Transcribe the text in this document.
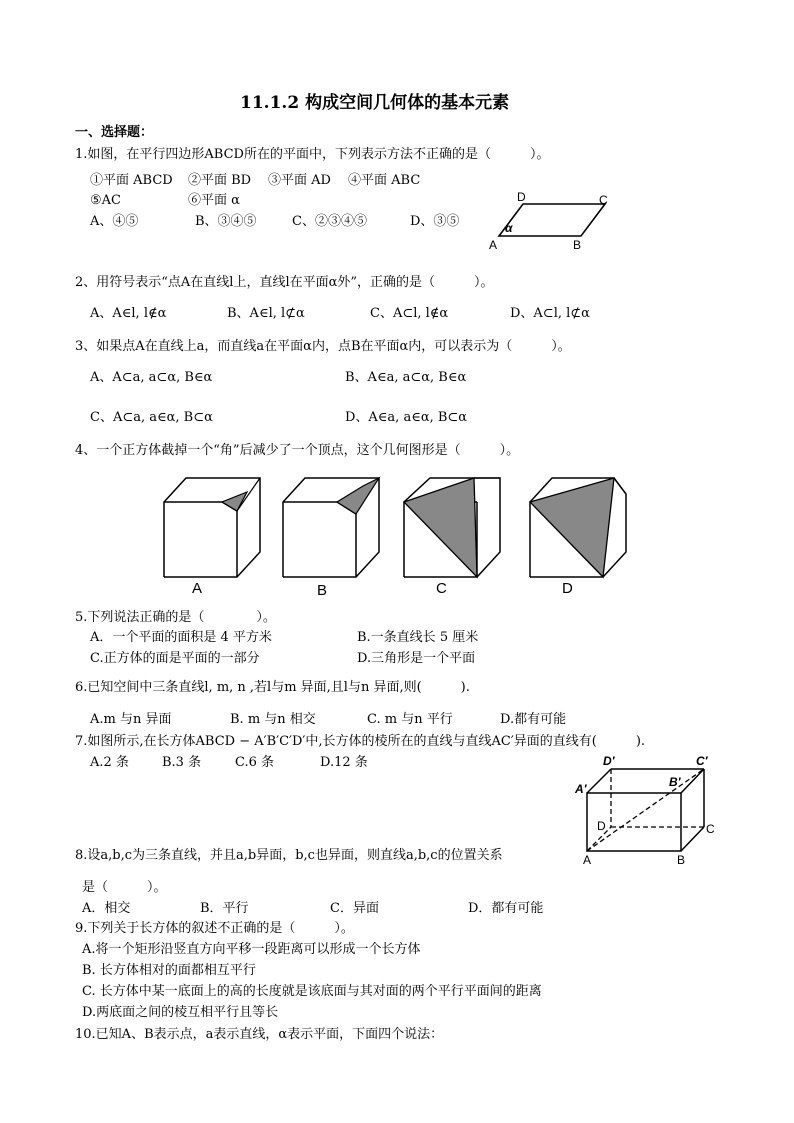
11.1.2 构成空间几何体的基本元素
一、选择题：
1.如图，在平行四边形ABCD所在的平面中，下列表示方法不正确的是（　　　）。
①平面 ABCD ②平面 BD ③平面 AD ④平面 ABC
⑤AC	⑥平面 α
A、④⑤	B、③④⑤	C、②③④⑤	D、③⑤
D	C
A	B
α
2、用符号表示“点A在直线l上，直线l在平面α外”，正确的是（　　　）。
A、A∈l, l∉α	B、A∈l, l⊄α	C、A⊂l, l∉α	D、A⊂l, l⊄α
3、如果点A在直线上a，而直线a在平面α内，点B在平面α内，可以表示为（　　　）。
A、A⊂a, a⊂α, B∈α	B、A∈a, a⊂α, B∈α
C、A⊂a, a∈α, B⊂α	D、A∈a, a∈α, B⊂α
4、一个正方体截掉一个“角”后减少了一个顶点，这个几何图形是（　　　）。
A	B	C	D
5.下列说法正确的是（　　　　）。
A．一个平面的面积是 4 平方米	B.一条直线长 5 厘米
C.正方体的面是平面的一部分	D.三角形是一个平面
6.已知空间中三条直线l, m, n ,若l与m 异面,且l与n 异面,则(　　　).
A.m 与n 异面	B. m 与n 相交	C. m 与n 平行	D.都有可能
7.如图所示,在长方体ABCD − A′B′C′D′中,长方体的棱所在的直线与直线AC′异面的直线有(　　　).
A.2 条	B.3 条	C.6 条	D.12 条	D′	C′
A′	B′
D	C
A	B
8.设a,b,c为三条直线，并且a,b异面，b,c也异面，则直线a,b,c的位置关系
是（　　　）。
A．相交	B．平行	C．异面	D．都有可能
9.下列关于长方体的叙述不正确的是（　　　）。
A.将一个矩形沿竖直方向平移一段距离可以形成一个长方体
B. 长方体相对的面都相互平行
C. 长方体中某一底面上的高的长度就是该底面与其对面的两个平行平面间的距离
D.两底面之间的棱互相平行且等长
10.已知A、B表示点，a表示直线，α表示平面，下面四个说法：
